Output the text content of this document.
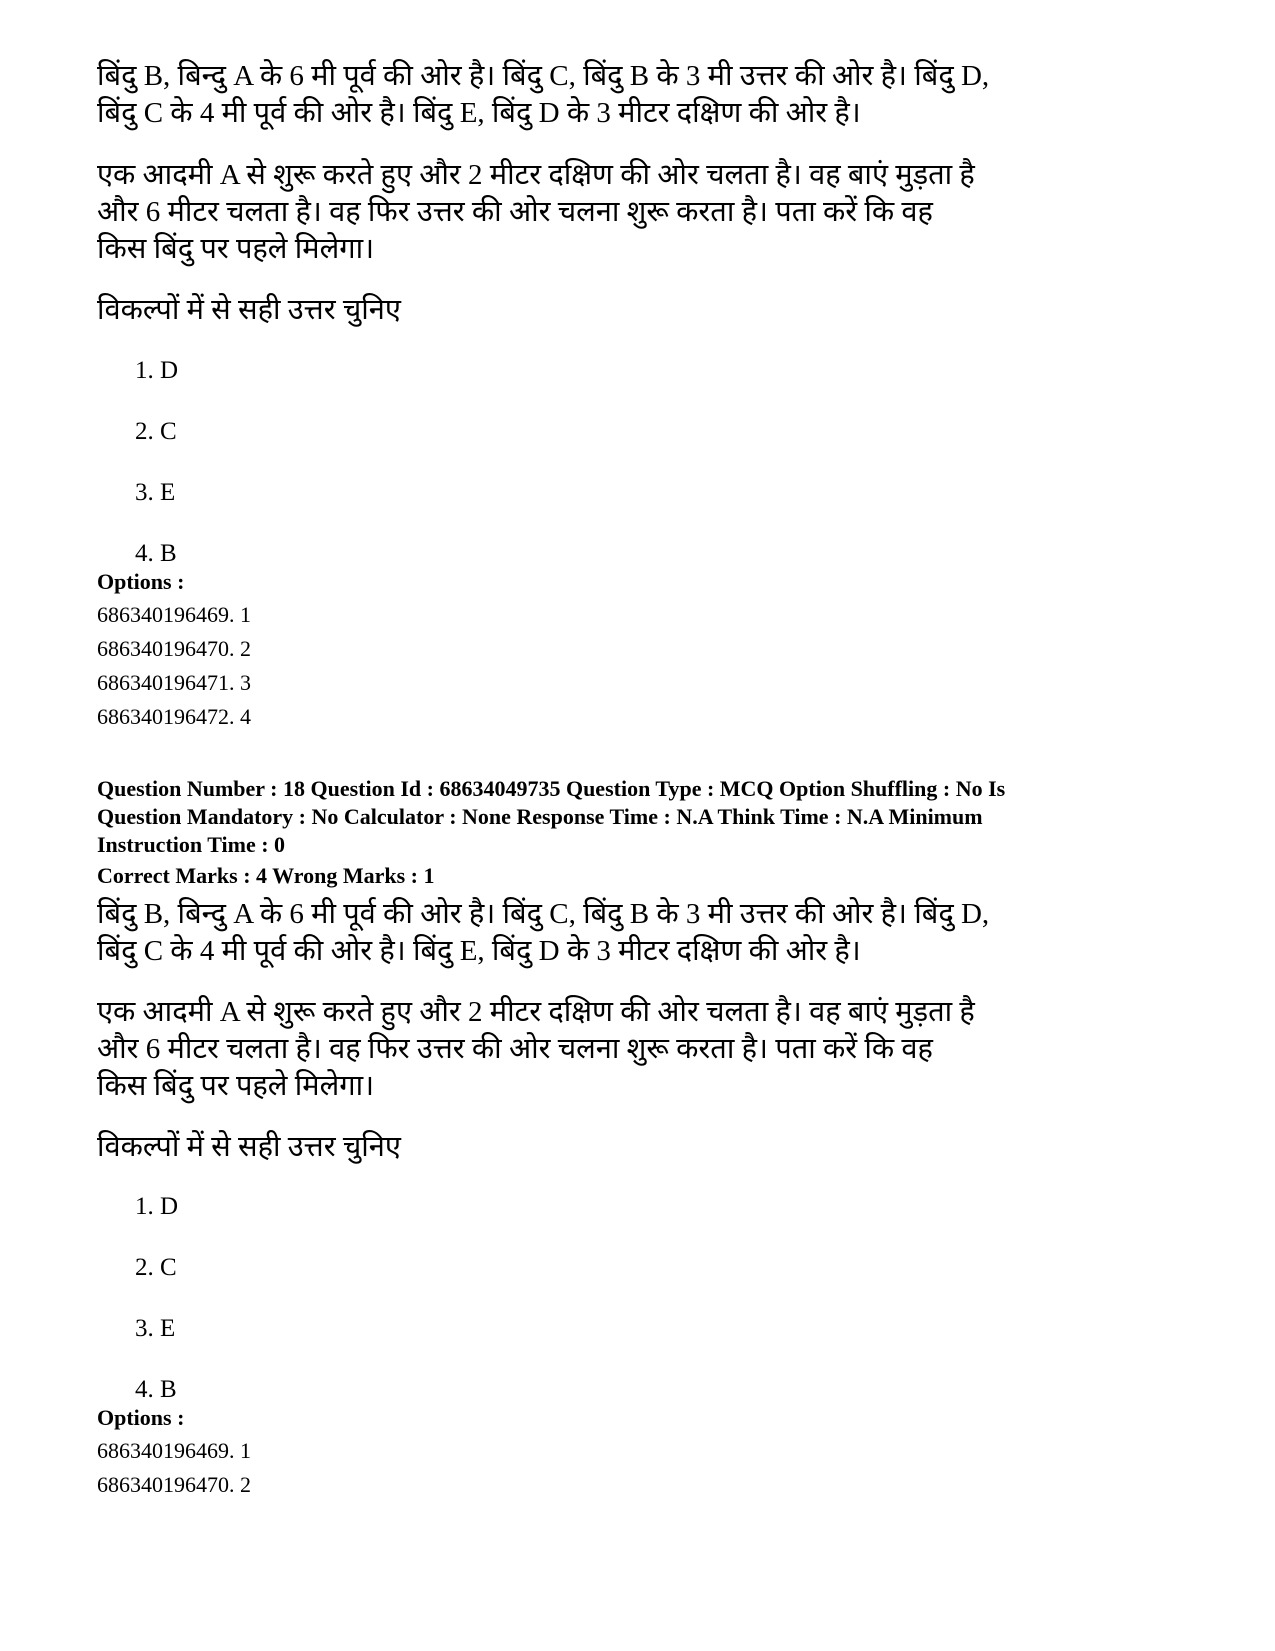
बिंदु B, बिन्दु A के 6 मी पूर्व की ओर है। बिंदु C, बिंदु B के 3 मी उत्तर की ओर है। बिंदु D,
बिंदु C के 4 मी पूर्व की ओर है। बिंदु E, बिंदु D के 3 मीटर दक्षिण की ओर है।

एक आदमी A से शुरू करते हुए और 2 मीटर दक्षिण की ओर चलता है। वह बाएं मुड़ता है
और 6 मीटर चलता है। वह फिर उत्तर की ओर चलना शुरू करता है। पता करें कि वह
किस बिंदु पर पहले मिलेगा।

विकल्पों में से सही उत्तर चुनिए

1. D
2. C
3. E
4. B
Options :
686340196469. 1
686340196470. 2
686340196471. 3
686340196472. 4
Question Number : 18 Question Id : 68634049735 Question Type : MCQ Option Shuffling : No Is
Question Mandatory : No Calculator : None Response Time : N.A Think Time : N.A Minimum
Instruction Time : 0
Correct Marks : 4 Wrong Marks : 1

बिंदु B, बिन्दु A के 6 मी पूर्व की ओर है। बिंदु C, बिंदु B के 3 मी उत्तर की ओर है। बिंदु D,
बिंदु C के 4 मी पूर्व की ओर है। बिंदु E, बिंदु D के 3 मीटर दक्षिण की ओर है।

एक आदमी A से शुरू करते हुए और 2 मीटर दक्षिण की ओर चलता है। वह बाएं मुड़ता है
और 6 मीटर चलता है। वह फिर उत्तर की ओर चलना शुरू करता है। पता करें कि वह
किस बिंदु पर पहले मिलेगा।

विकल्पों में से सही उत्तर चुनिए

1. D
2. C
3. E
4. B
Options :
686340196469. 1
686340196470. 2
